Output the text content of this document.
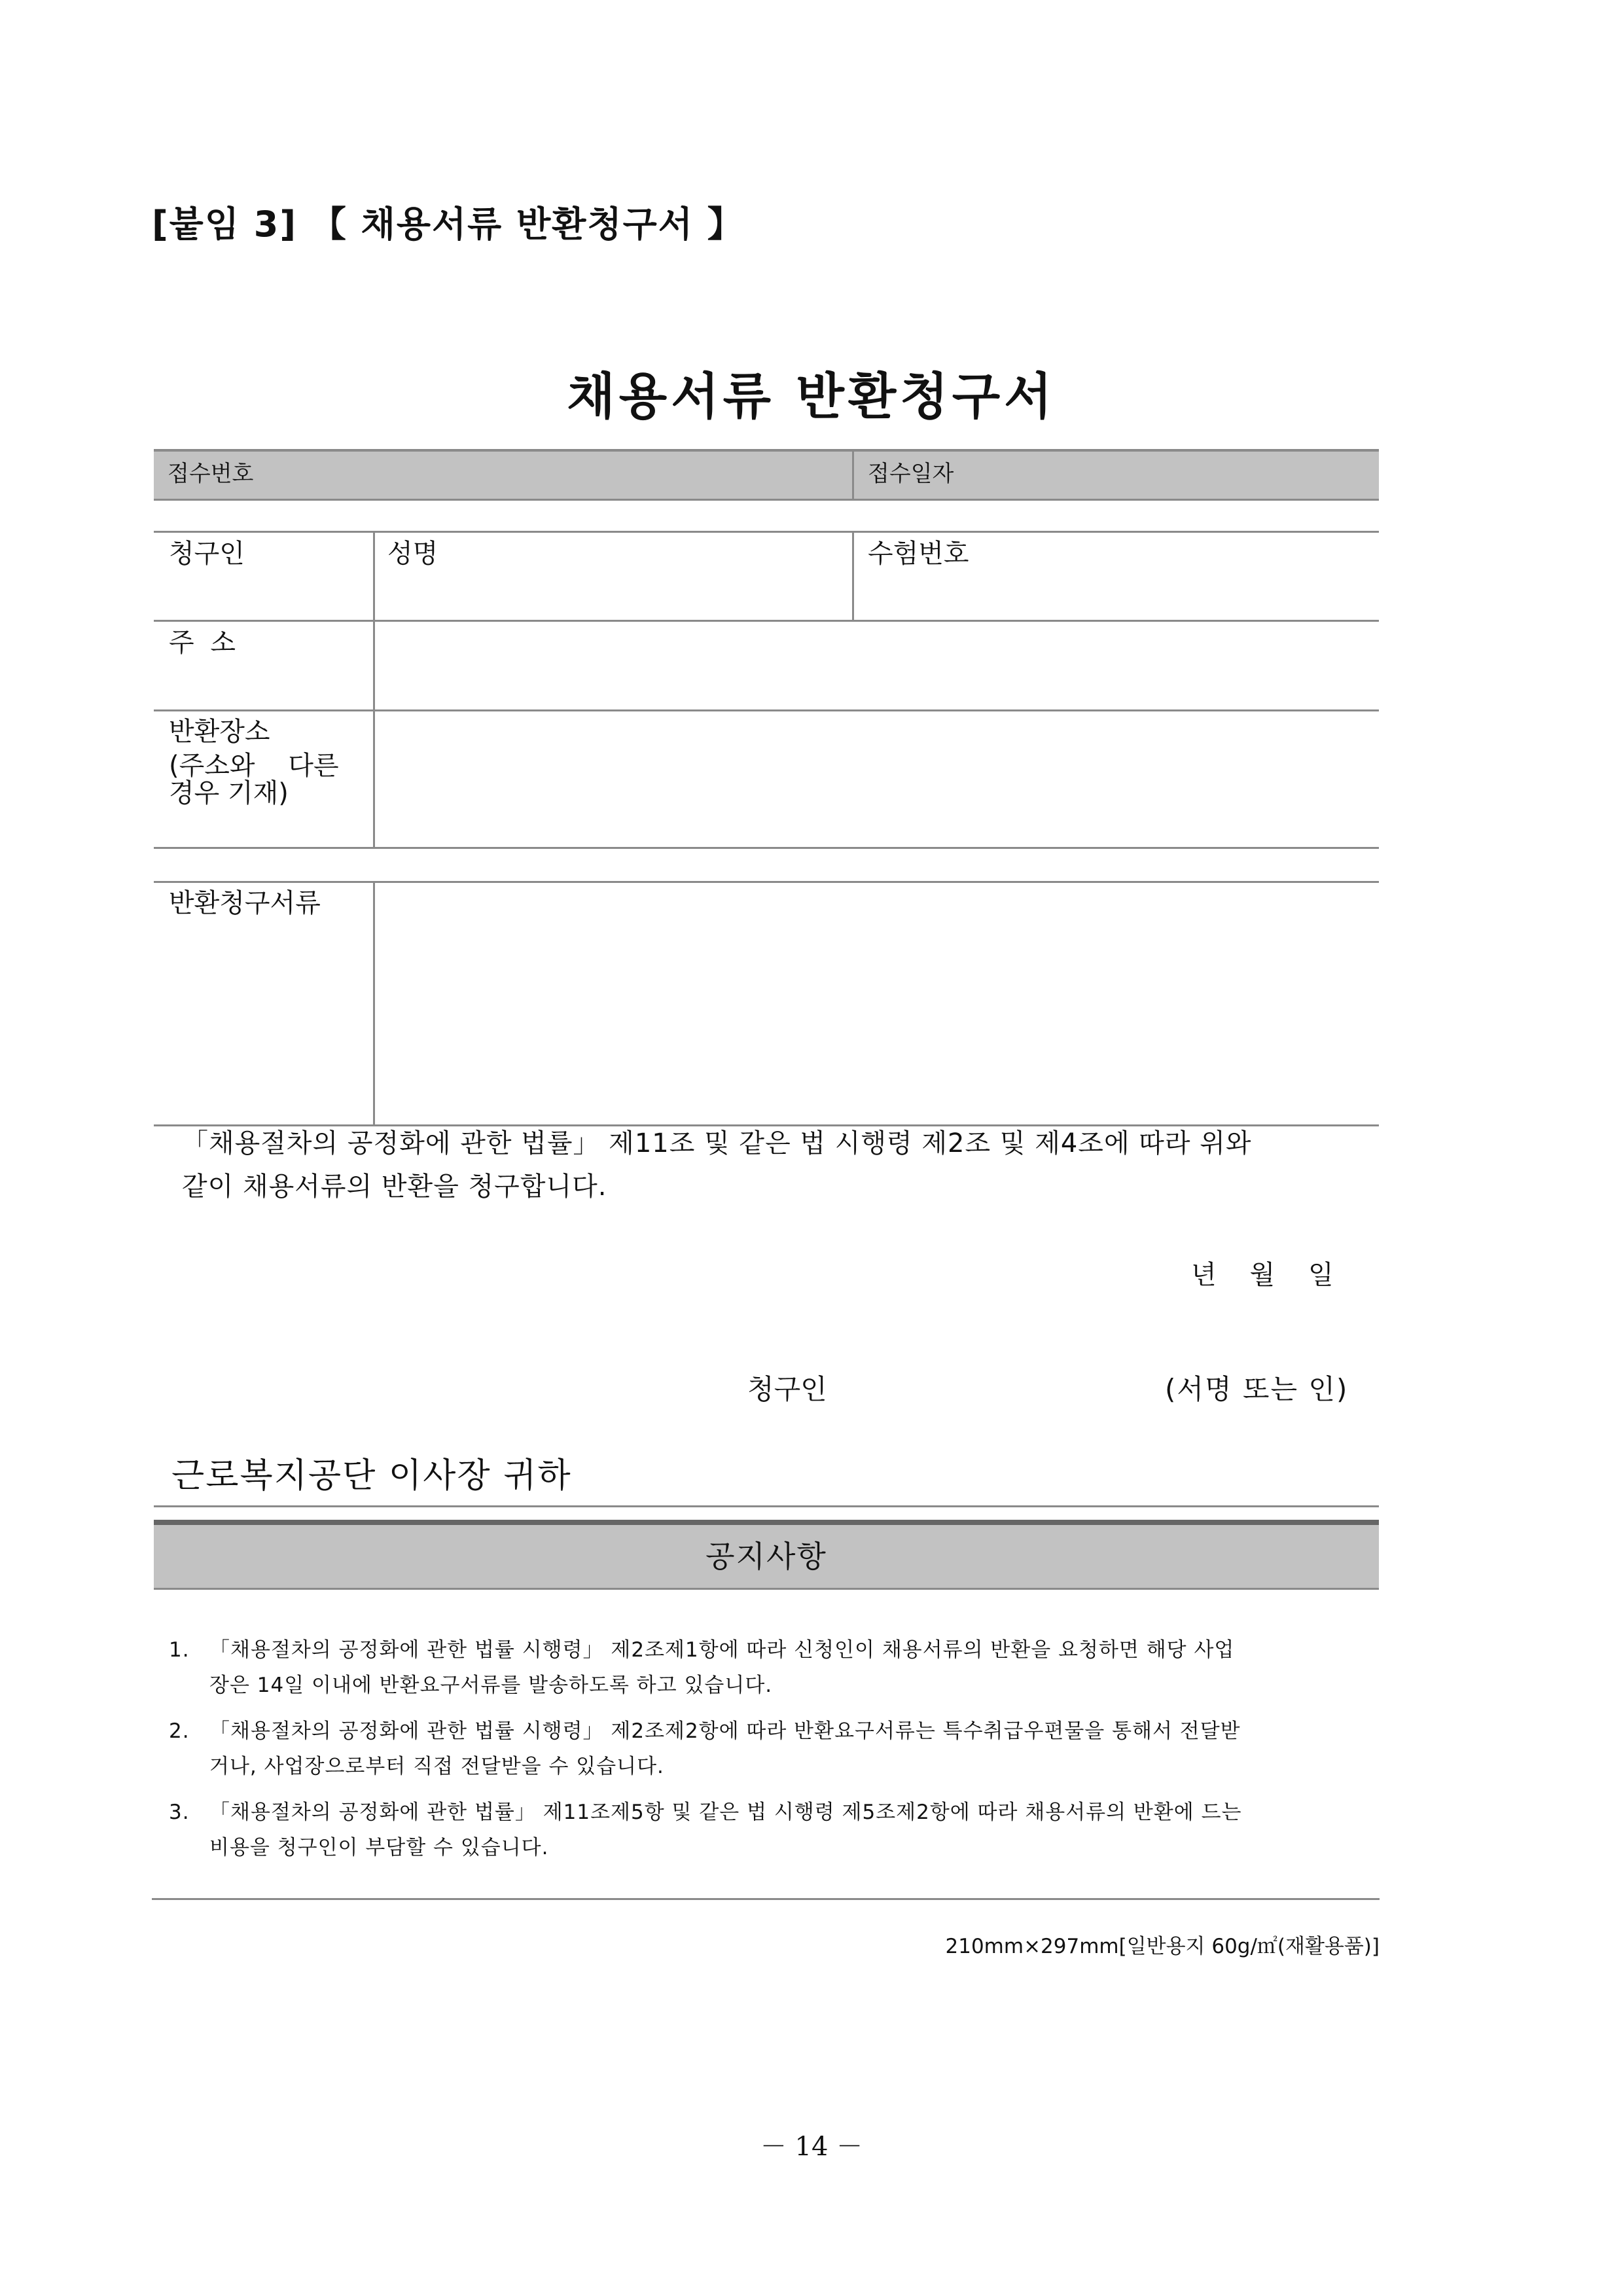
[붙임 3] 【 채용서류 반환청구서 】
채용서류 반환청구서
접수번호	접수일자
청구인	성명	수험번호
주 소
반환장소
(주소와    다른
경우 기재)
반환청구서류
「채용절차의 공정화에 관한 법률」 제11조 및 같은 법 시행령 제2조 및 제4조에 따라 위와
같이 채용서류의 반환을 청구합니다.
년    월    일
청구인	(서명 또는 인)
근로복지공단 이사장 귀하
공지사항
1. 「채용절차의 공정화에 관한 법률 시행령」 제2조제1항에 따라 신청인이 채용서류의 반환을 요청하면 해당 사업
장은 14일 이내에 반환요구서류를 발송하도록 하고 있습니다.
2. 「채용절차의 공정화에 관한 법률 시행령」 제2조제2항에 따라 반환요구서류는 특수취급우편물을 통해서 전달받
거나, 사업장으로부터 직접 전달받을 수 있습니다.
3. 「채용절차의 공정화에 관한 법률」 제11조제5항 및 같은 법 시행령 제5조제2항에 따라 채용서류의 반환에 드는
비용을 청구인이 부담할 수 있습니다.
210mm×297mm[일반용지 60g/㎡(재활용품)]
－ 14 －
